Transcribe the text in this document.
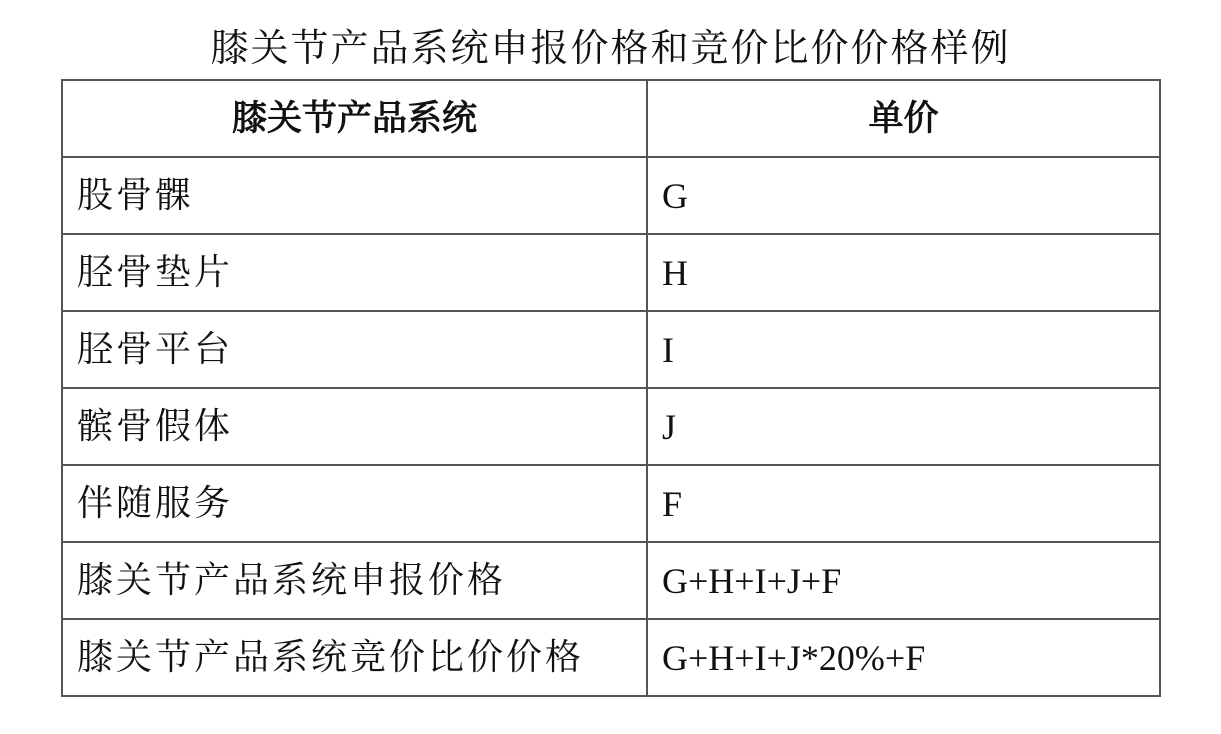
膝关节产品系统申报价格和竞价比价价格样例
膝关节产品系统	单价
股骨髁	G
胫骨垫片	H
胫骨平台	I
髌骨假体	J
伴随服务	F
膝关节产品系统申报价格	G+H+I+J+F
膝关节产品系统竞价比价价格	G+H+I+J*20%+F
